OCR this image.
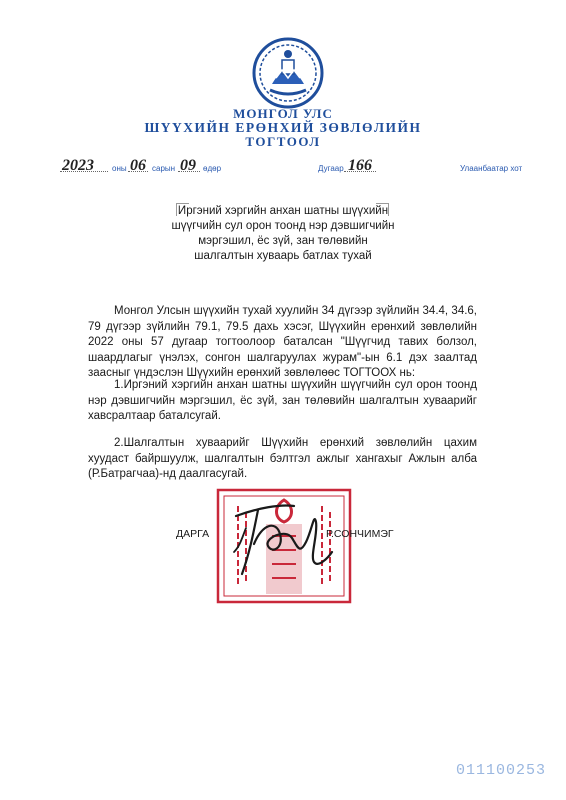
МОНГОЛ УЛС
ШҮҮХИЙН ЕРӨНХИЙ ЗӨВЛӨЛИЙН
ТОГТООЛ
2023 оны 06 сарын 09 өдөр	Дугаар 166	Улаанбаатар хот
Иргэний хэргийн анхан шатны шүүхийн
шүүгчийн сул орон тоонд нэр дэвшигчийн
мэргэшил, ёс зүй, зан төлөвийн
шалгалтын хуваарь батлах тухай
Монгол Улсын шүүхийн тухай хуулийн 34 дүгээр зүйлийн 34.4, 34.6, 79 дүгээр зүйлийн 79.1, 79.5 дахь хэсэг, Шүүхийн ерөнхий зөвлөлийн 2022 оны 57 дугаар тогтоолоор баталсан "Шүүгчид тавих болзол, шаардлагыг үнэлэх, сонгон шалгаруулах журам"-ын 6.1 дэх заалтад заасныг үндэслэн Шүүхийн ерөнхий зөвлөлөөс ТОГТООХ нь:
1.Иргэний хэргийн анхан шатны шүүхийн шүүгчийн сул орон тоонд нэр дэвшигчийн мэргэшил, ёс зүй, зан төлөвийн шалгалтын хуваарийг хавсралтаар баталсугай.
2.Шалгалтын хуваарийг Шүүхийн ерөнхий зөвлөлийн цахим хуудаст байршуулж, шалгалтын бэлтгэл ажлыг хангахыг Ажлын алба (Р.Батрагчаа)-нд даалгасугай.
ДАРГА	Р.СОНЧИМЭГ
011100253
